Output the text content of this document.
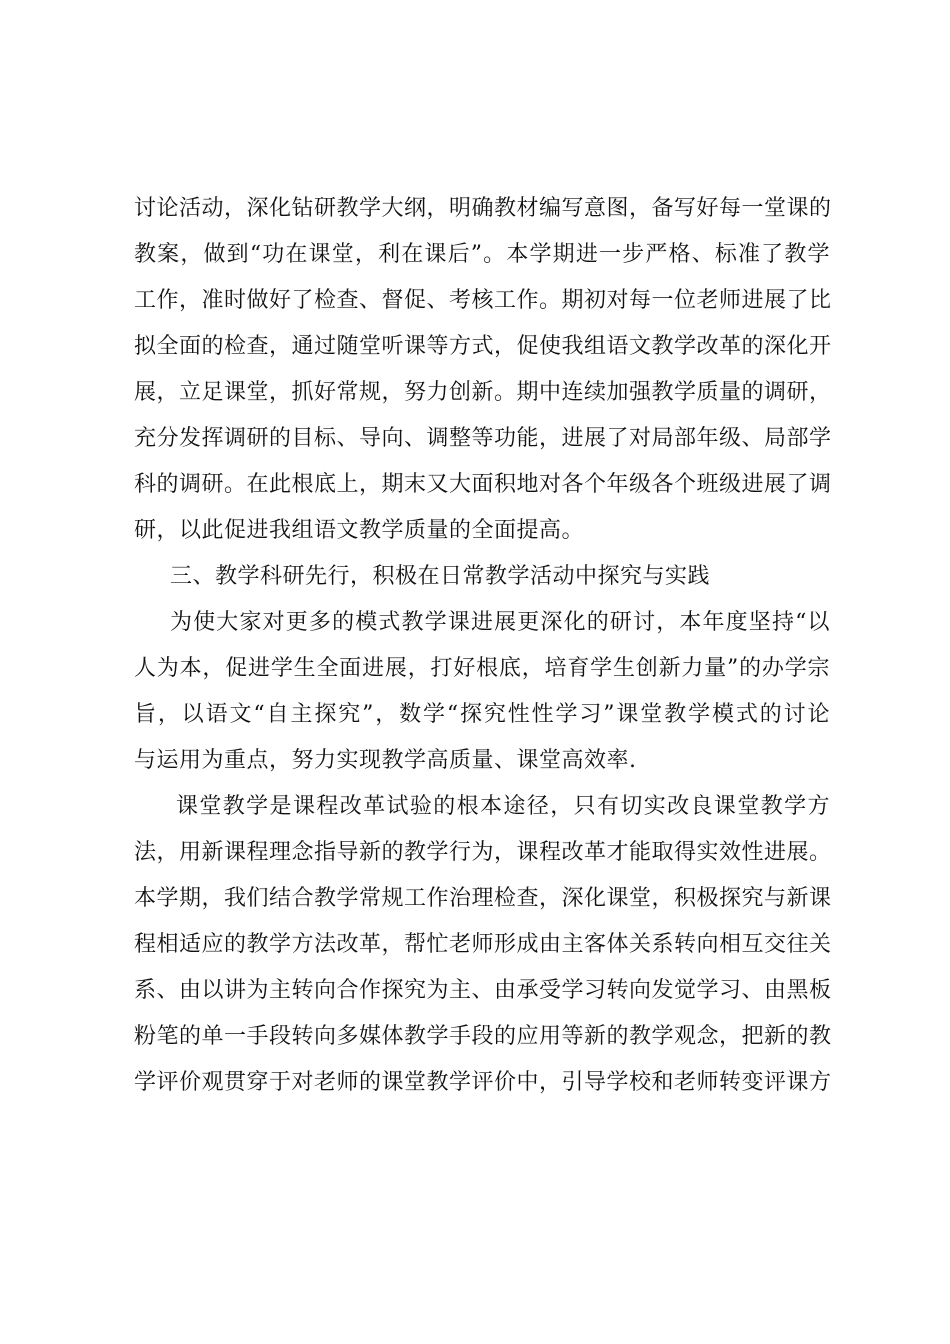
讨论活动，深化钻研教学大纲，明确教材编写意图，备写好每一堂课的
教案，做到“功在课堂，利在课后”。本学期进一步严格、标准了教学
工作，准时做好了检查、督促、考核工作。期初对每一位老师进展了比
拟全面的检查，通过随堂听课等方式，促使我组语文教学改革的深化开
展，立足课堂，抓好常规，努力创新。期中连续加强教学质量的调研，
充分发挥调研的目标、导向、调整等功能，进展了对局部年级、局部学
科的调研。在此根底上，期末又大面积地对各个年级各个班级进展了调
研，以此促进我组语文教学质量的全面提高。
三、教学科研先行，积极在日常教学活动中探究与实践
为使大家对更多的模式教学课进展更深化的研讨，本年度坚持“以
人为本，促进学生全面进展，打好根底，培育学生创新力量”的办学宗
旨，以语文“自主探究”，数学“探究性性学习”课堂教学模式的讨论
与运用为重点，努力实现教学高质量、课堂高效率.
课堂教学是课程改革试验的根本途径，只有切实改良课堂教学方
法，用新课程理念指导新的教学行为，课程改革才能取得实效性进展。
本学期，我们结合教学常规工作治理检查，深化课堂，积极探究与新课
程相适应的教学方法改革，帮忙老师形成由主客体关系转向相互交往关
系、由以讲为主转向合作探究为主、由承受学习转向发觉学习、由黑板
粉笔的单一手段转向多媒体教学手段的应用等新的教学观念，把新的教
学评价观贯穿于对老师的课堂教学评价中，引导学校和老师转变评课方
